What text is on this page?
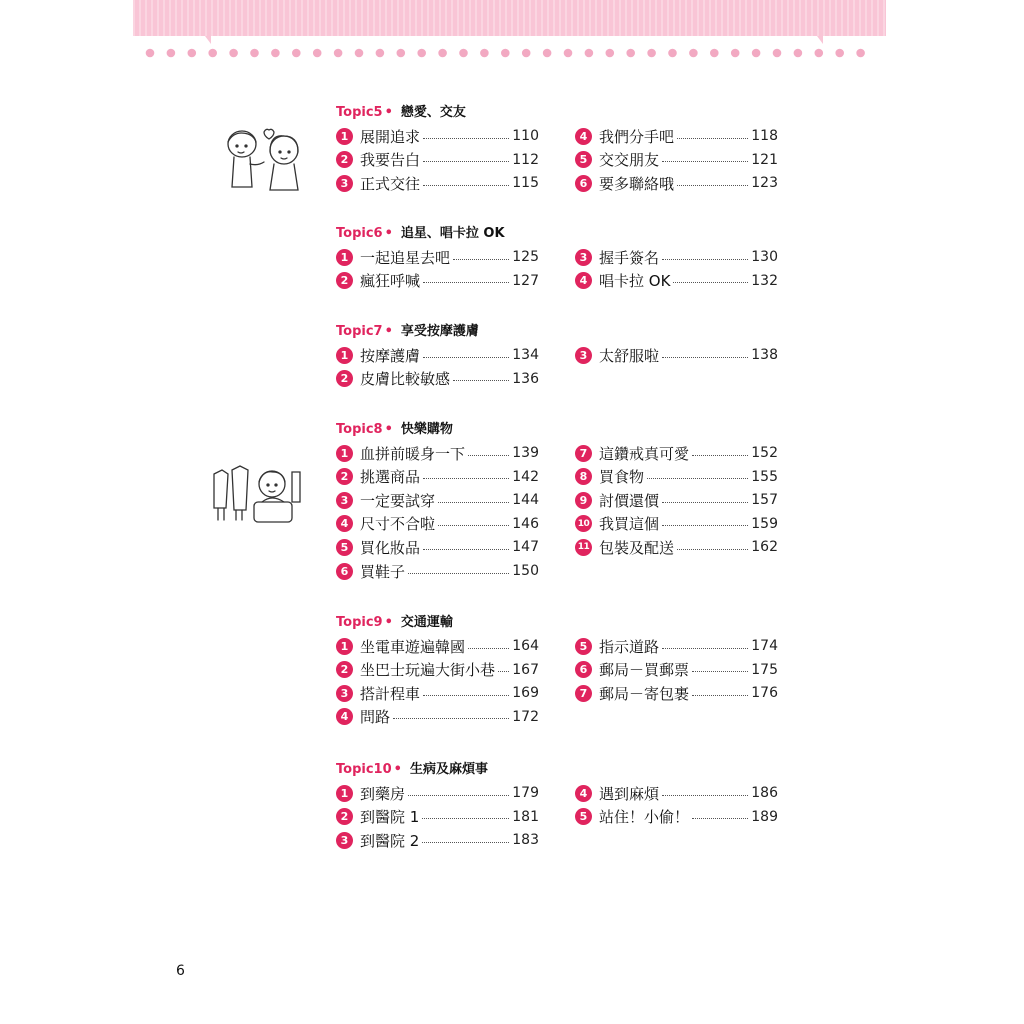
Topic5 • 戀愛、交友
1 展開追求	110
2 我要告白	112
3 正式交往	115
4 我們分手吧	118
5 交交朋友	121
6 要多聯絡哦	123
Topic6 • 追星、唱卡拉 OK
1 一起追星去吧	125
2 瘋狂呼喊	127
3 握手簽名	130
4 唱卡拉 OK	132
Topic7 • 享受按摩護膚
1 按摩護膚	134
2 皮膚比較敏感	136
3 太舒服啦	138
Topic8 • 快樂購物
1 血拼前暖身一下	139
2 挑選商品	142
3 一定要試穿	144
4 尺寸不合啦	146
5 買化妝品	147
6 買鞋子	150
7 這鑽戒真可愛	152
8 買食物	155
9 討價還價	157
10 我買這個	159
11 包裝及配送	162
Topic9 • 交通運輸
1 坐電車遊遍韓國	164
2 坐巴士玩遍大街小巷 167
3 搭計程車	169
4 問路	172
5 指示道路	174
6 郵局－買郵票	175
7 郵局－寄包裹	176
Topic10 • 生病及麻煩事
1 到藥房	179
2 到醫院 1	181
3 到醫院 2	183
4 遇到麻煩	186
5 站住！小偷！	189
6
